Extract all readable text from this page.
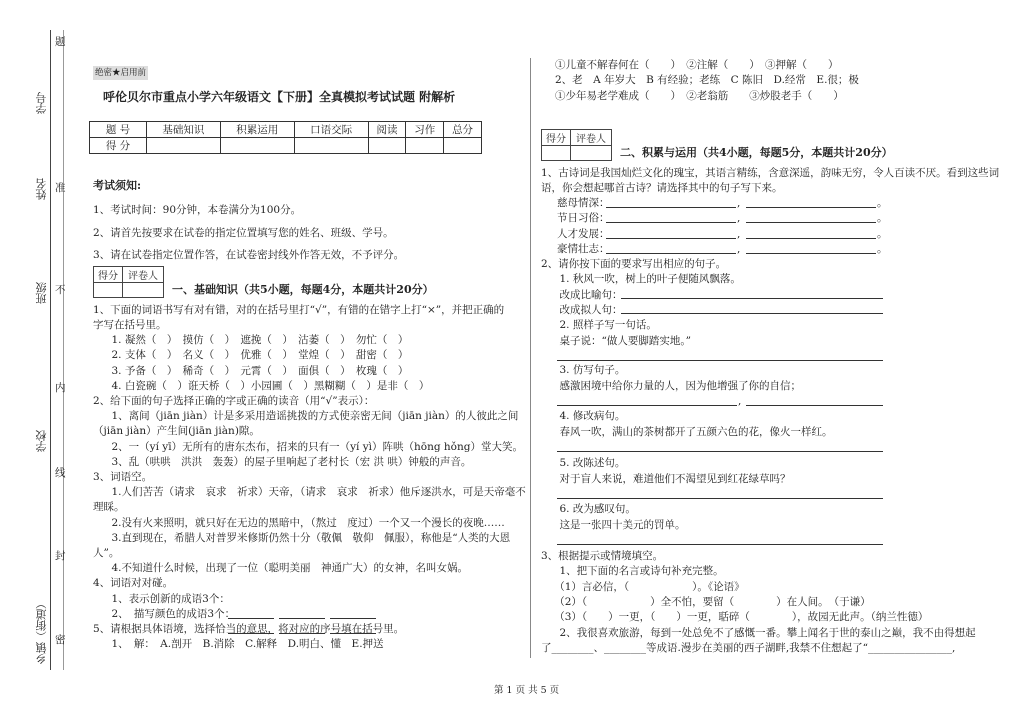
学号
姓名
班级
学校
乡镇（街道）
题
准
不
内
线
封
密
绝密★启用前
呼伦贝尔市重点小学六年级语文【下册】全真模拟考试试题 附解析
题 号	基础知识	积累运用	口语交际	阅读	习作	总分
得 分						
考试须知:
1、考试时间：90分钟，本卷满分为100分。
2、请首先按要求在试卷的指定位置填写您的姓名、班级、学号。
3、请在试卷指定位置作答，在试卷密封线外作答无效，不予评分。
得分	评卷人

一、基础知识（共5小题，每题4分，本题共计20分）
1、下面的词语书写有对有错，对的在括号里打“√”，有错的在错字上打“×”，并把正确的
字写在括号里。
　1. 凝然（　）　摸仿（　）　遮挽（　）　沽萎（　）　勿忙（　）
　2. 支体（　）　名义（　）　优雅（　）　堂煌（　）　甜密（　）
　3. 予备（　）　稀奇（　）　元霄（　）　面俱（　）　枚瑰（　）
　4. 白瓷碗（　）诳天桥（　）小园圃（　）黑糊糊（　）是非（　）
2、给下面的句子选择正确的字或正确的读音（用“√”表示）：
　1、离间（jiān jiàn）计是多采用造谣挑拨的方式使亲密无间（jiān jiàn）的人彼此之间
（jiān jiàn）产生间(jiān jiàn)隙。
　2、一（yí yī）无所有的唐东杰布，招来的只有一（yí yì）阵哄（hōng hǒng）堂大笑。
　3、乱（哄哄　洪洪　轰轰）的屋子里响起了老村长（宏 洪 哄）钟般的声音。
3、词语空。
　1.人们苦苦（请求　哀求　祈求）天帝，（请求　哀求　祈求）他斥逐洪水，可是天帝毫不
理睬。
　2.没有火来照明，就只好在无边的黑暗中，（熬过　度过）一个又一个漫长的夜晚……
　3.直到现在，希腊人对普罗米修斯仍然十分（敬佩　敬仰　佩服），称他是“人类的大恩
人”。
　4.不知道什么时候，出现了一位（聪明美丽　神通广大）的女神，名叫女娲。
4、词语对对碰。
　1、表示创新的成语3个：

　2、　描写颜色的成语3个：

5、请根据具体语境，选择恰当的意思，将对应的序号填在括号里。
　1、　解：　A.剖开　B.消除　C.解释　D.明白、懂　E.押送
①儿童不解春何在（　　）　②注解（　　）　③押解（　　）
2、老　A 年岁大　B 有经验；老练　C 陈旧　D.经常　E.很；极
①少年易老学难成（　　）　②老翁筋　　③炒股老手（　　）
得分	评卷人

二、积累与运用（共4小题，每题5分，本题共计20分）
1、古诗词是我国灿烂文化的瑰宝，其语言精练，含意深遥，韵味无穷，令人百读不厌。看到这些词
语，你会想起哪首古诗？请选择其中的句子写下来。
慈母情深：	,	。
节日习俗：	,	。
人才发展：	,	。
豪情壮志：	,	。
2、请你按下面的要求写出相应的句子。
　1. 秋风一吹，树上的叶子便随风飘落。
　改成比喻句：
　改成拟人句：
　2. 照样子写一句话。
　桌子说：“做人要脚踏实地。”
　3. 仿写句子。
　感激困境中给你力量的人，因为他增强了你的自信；
,
　4. 修改病句。
　春风一吹，满山的茶树都开了五颜六色的花，像火一样红。
　5. 改陈述句。
　对于盲人来说，难道他们不渴望见到红花绿草吗？
　6. 改为感叹句。
　这是一张四十美元的罚单。
3、根据提示或情境填空。
　1、把下面的名言或诗句补充完整。
　（1）言必信，（　　　　　　）。《论语》
　（2）（　　　　　　）全不怕，要留（　　　　）在人间。　（于谦）
　（3）（　　）一更，（　　）一更，聒碎（　　　　），故园无此声。（纳兰性德）
　2、我很喜欢旅游，每到一处总免不了感慨一番。攀上闻名于世的泰山之巅，我不由得想起
了________、________等成语.漫步在美丽的西子湖畔,我禁不住想起了“________________,
第 1 页 共 5 页
